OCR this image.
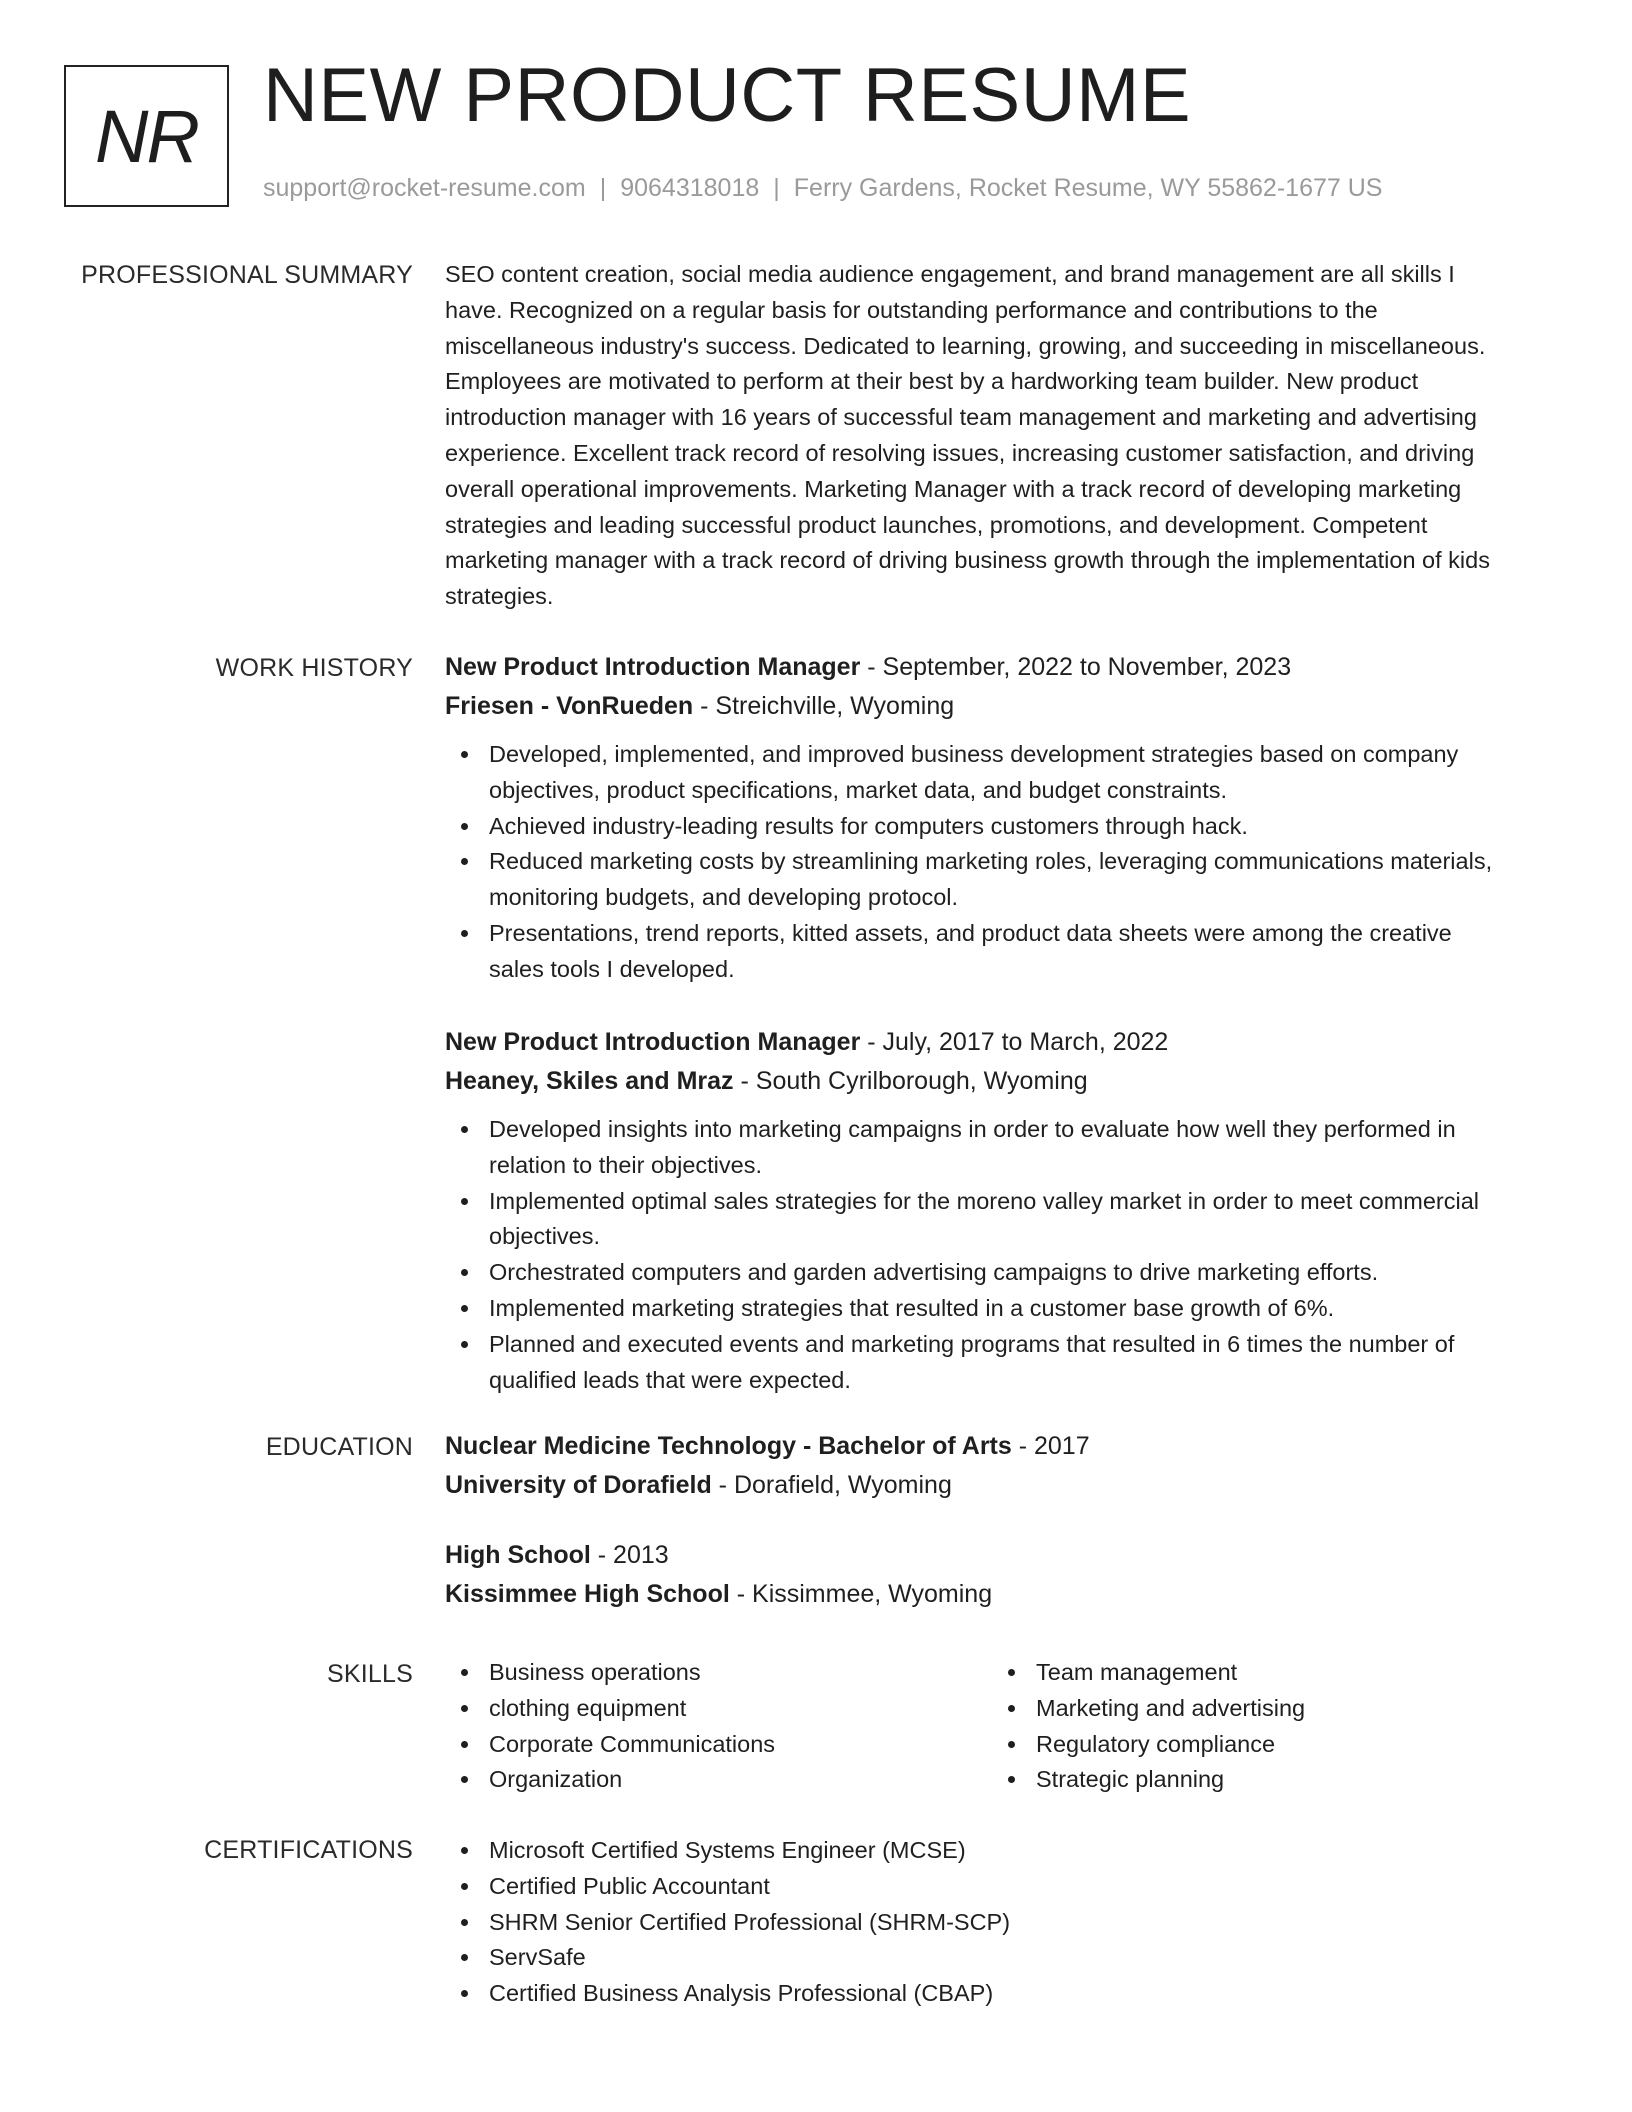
NR NEW PRODUCT RESUME
support@rocket-resume.com | 9064318018 | Ferry Gardens, Rocket Resume, WY 55862-1677 US
PROFESSIONAL SUMMARY SEO content creation, social media audience engagement, and brand management are all skills I
have. Recognized on a regular basis for outstanding performance and contributions to the
miscellaneous industry's success. Dedicated to learning, growing, and succeeding in miscellaneous.
Employees are motivated to perform at their best by a hardworking team builder. New product
introduction manager with 16 years of successful team management and marketing and advertising
experience. Excellent track record of resolving issues, increasing customer satisfaction, and driving
overall operational improvements. Marketing Manager with a track record of developing marketing
strategies and leading successful product launches, promotions, and development. Competent
marketing manager with a track record of driving business growth through the implementation of kids
strategies.

WORK HISTORY New Product Introduction Manager - September, 2022 to November, 2023
Friesen - VonRueden - Streichville, Wyoming
Developed, implemented, and improved business development strategies based on company
objectives, product specifications, market data, and budget constraints.
Achieved industry-leading results for computers customers through hack.
Reduced marketing costs by streamlining marketing roles, leveraging communications materials,
monitoring budgets, and developing protocol.
Presentations, trend reports, kitted assets, and product data sheets were among the creative
sales tools I developed.
New Product Introduction Manager - July, 2017 to March, 2022
Heaney, Skiles and Mraz - South Cyrilborough, Wyoming
Developed insights into marketing campaigns in order to evaluate how well they performed in
relation to their objectives.
Implemented optimal sales strategies for the moreno valley market in order to meet commercial
objectives.
Orchestrated computers and garden advertising campaigns to drive marketing efforts.
Implemented marketing strategies that resulted in a customer base growth of 6%.
Planned and executed events and marketing programs that resulted in 6 times the number of
qualified leads that were expected.
EDUCATION Nuclear Medicine Technology - Bachelor of Arts - 2017
University of Dorafield - Dorafield, Wyoming
High School - 2013
Kissimmee High School - Kissimmee, Wyoming
SKILLS	Business operations
clothing equipment
Corporate Communications
Organization
Team management
Marketing and advertising
Regulatory compliance
Strategic planning
CERTIFICATIONS	Microsoft Certified Systems Engineer (MCSE)
Certified Public Accountant
SHRM Senior Certified Professional (SHRM-SCP)
ServSafe
Certified Business Analysis Professional (CBAP)
